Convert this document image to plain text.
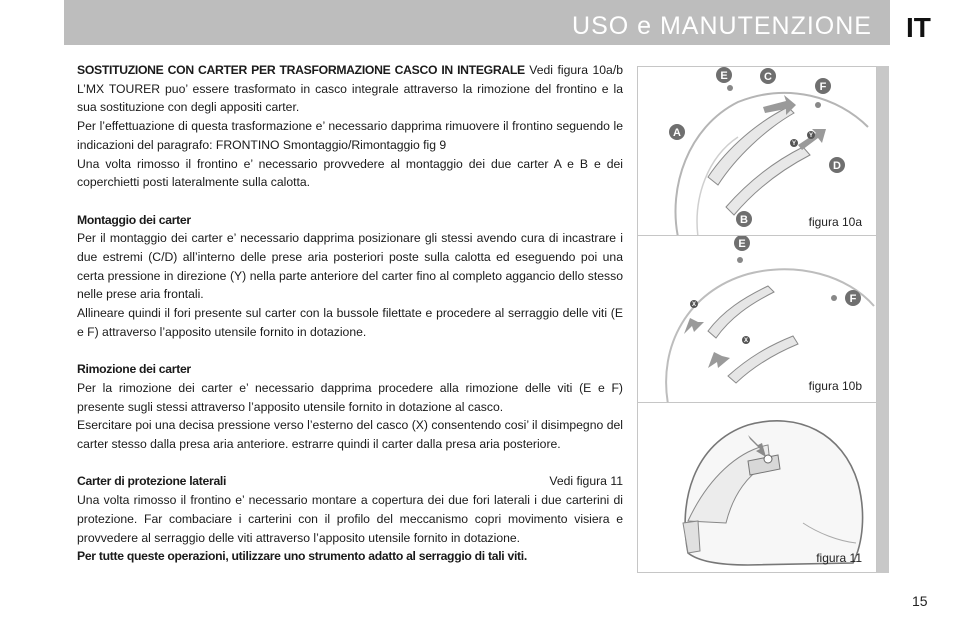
USO e MANUTENZIONE IT

SOSTITUZIONE CON CARTER PER TRASFORMAZIONE CASCO IN INTEGRALE Vedi figura 10a/b L’MX TOURER puo’ essere trasformato in casco integrale attraverso la rimozione del frontino e la sua sostituzione con degli appositi carter.

Per l’effettuazione di questa trasformazione e’ necessario dapprima rimuovere il frontino seguendo le indicazioni del paragrafo: FRONTINO Smontaggio/Rimontaggio fig 9

Una volta rimosso il frontino e’ necessario provvedere al montaggio dei due carter A e B e dei coperchietti posti lateralmente sulla calotta.

Montaggio dei carter

Per il montaggio dei carter e’ necessario dapprima posizionare gli stessi avendo cura di incastrare i due estremi (C/D) all’interno delle prese aria posteriori poste sulla calotta ed eseguendo poi una certa pressione in direzione (Y) nella parte anteriore del carter fino al completo aggancio dello stesso nelle prese aria frontali.

Allineare quindi il fori presente sul carter con la bussole filettate e procedere al serraggio delle viti (E e F) attraverso l’apposito utensile fornito in dotazione.

Rimozione dei carter

Per la rimozione dei carter e’ necessario dapprima procedere alla rimozione delle viti (E e F) presente sugli stessi attraverso l’apposito utensile fornito in dotazione al casco.

Esercitare poi una decisa pressione verso l’esterno del casco (X) consentendo cosi’ il disimpegno del carter stesso dalla presa aria anteriore. estrarre quindi il carter dalla presa aria posteriore.

Carter di protezione laterali	Vedi figura 11

Una volta rimosso il frontino e’ necessario montare a copertura dei due fori laterali i due carterini di protezione. Far combaciare i carterini con il profilo del meccanismo copri movimento visiera e provvedere al serraggio delle viti attraverso l’apposito utensile fornito in dotazione.

Per tutte queste operazioni, utilizzare uno strumento adatto al serraggio di tali viti.

E	C
F
A
D
B
Y
Y
figura 10a
E
F
X
X
figura 10b
figura 11
15
